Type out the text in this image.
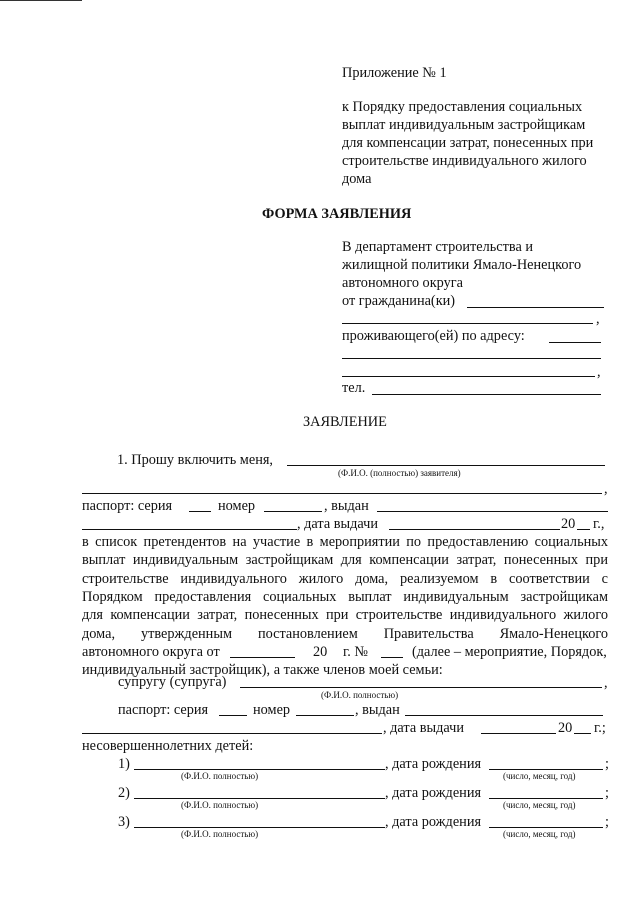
Приложение № 1
к Порядку предоставления социальных
выплат индивидуальным застройщикам
для компенсации затрат, понесенных при
строительстве индивидуального жилого
дома
ФОРМА ЗАЯВЛЕНИЯ
В департамент строительства и
жилищной политики Ямало-Ненецкого
автономного округа
от гражданина(ки)
,
проживающего(ей) по адресу:
,
тел.
ЗАЯВЛЕНИЕ
1. Прошу включить меня,
(Ф.И.О. (полностью) заявителя)
,
паспорт: серия	номер	, выдан
, дата выдачи	20 г.,
в список претендентов на участие в мероприятии по предоставлению социальных
выплат индивидуальным застройщикам для компенсации затрат, понесенных при
строительстве индивидуального жилого дома, реализуемом в соответствии с
Порядком предоставления социальных выплат индивидуальным застройщикам
для компенсации затрат, понесенных при строительстве индивидуального жилого
дома, утвержденным постановлением Правительства Ямало-Ненецкого
автономного округа от	20 г. №	(далее – мероприятие, Порядок,
индивидуальный застройщик), а также членов моей семьи:
супругу (супруга)	,
(Ф.И.О. полностью)
паспорт: серия	номер	, выдан
, дата выдачи	20 г.;
несовершеннолетних детей:
1)	, дата рождения	;
(Ф.И.О. полностью)	(число, месяц, год)
2)	, дата рождения	;
(Ф.И.О. полностью)	(число, месяц, год)
3)	, дата рождения	;
(Ф.И.О. полностью)	(число, месяц, год)
